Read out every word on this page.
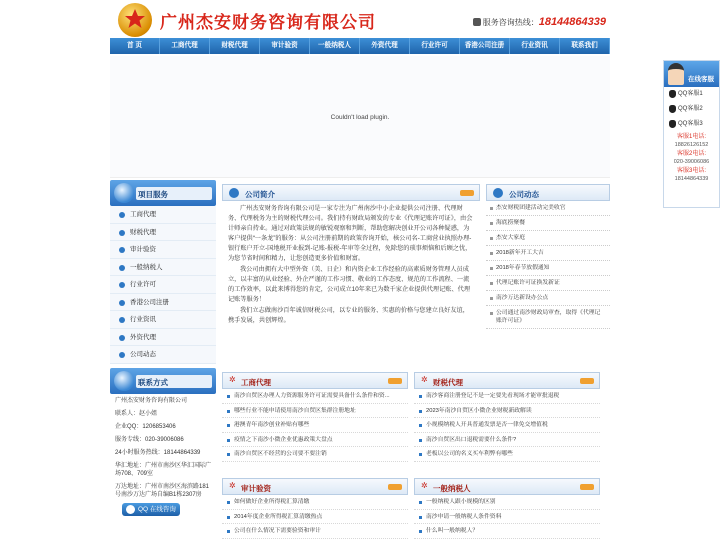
广州杰安财务咨询有限公司	服务咨询热线：18144864339
首 页	工商代理	财税代理	审计验资	一般纳税人	外资代理	行业许可	香港公司注册	行业资讯	联系我们
Couldn't load plugin.
项目服务
工商代理
财税代理
审计验资
一般纳税人
行业许可
香港公司注册
行业资讯
外资代理
公司动态
联系方式

广州杰安财务咨询有限公司

联系人：赵小姐

企业QQ：1206853406

服务专线：020-39006086

24小时服务热线：18144864339

华汇地址：广州市南沙区华汇国际广场708、709室

万达地址：广州市南沙区海滨路181号南沙万达广场自编B1栋2307房

QQ 在线咨询
公司简介

广州杰安财务咨询有限公司是一家专注为广州南沙中小企业提供公司注册、代理财务、代理税务为主的财税代理公司。我们持有财政局颁发的专业《代理记账许可证》，由会计师亲自持业。通过对政策法规的敏锐观察和判断，帮助您解决创业开公司各种疑惑，为客户提供“一条龙”的服务：从公司注册前期的政策咨询开始，核公司名-工商营业执照办理-银行账户开立-国地税开业报到-记账-报税-年审等全过程，免除您的琐事烦恼和后顾之忧，为您节省时间和精力，让您创造更多价值和财富。

我公司由拥有大中型外资（美、日企）和内资企业工作经验的高素质财务管理人员成立，以丰富的从业经验、外企严谨的工作习惯、敬业的工作态度、规范的工作流程、一流的工作效率，以此来博得您的肯定，公司成立10年来已为数千家企业提供代理记账、代理记账等服务！

我们立志做南沙百年诚信财税公司，以专业的服务、实惠的价格与您建立良好友谊，携手发展，共创辉煌。

公司动态
杰安财税团建活动完美收官
海底捞聚餐
杰安大家庭
2018新年开工大吉
2018年春节放假通知
代理记账许可证换发新证
南沙万达新设办公点
公司通过南沙财政局审查，取得《代理记账许可证》
✲ 工商代理
南沙自贸区办理人力资源服务许可证需要具备什么条件和资...
哪些行业不能申请使用南沙自贸区集群注册地址
港澳青年南沙创业补贴有哪些
疫情之下南沙小微企业优惠政策大盘点
南沙自贸区不经营的公司要不要注销
✲ 财税代理
南沙客商注册登记不是一定要先看现场才能审批退税
2023年南沙自贸区小微企业财税新政解读
小规模纳税人开具普通发票是否一律免交增值税
南沙自贸区出口退税需要什么条件?
老板以公司的名义买车利弊有哪些
✲ 审计验资
如何做好企业所得税汇算清缴
2014年度企业所得税汇算清缴热点
公司在什么情况下需要验资和审计
✲ 一般纳税人
一般纳税人跟小规模的区别
南沙申请一般纳税人条件资料
什么叫一般纳税人？
在线客服
QQ客服1
QQ客服2
QQ客服3
客服1电话:
18826126152
客服2电话:
020-39006086
客服3电话:
18144864339
